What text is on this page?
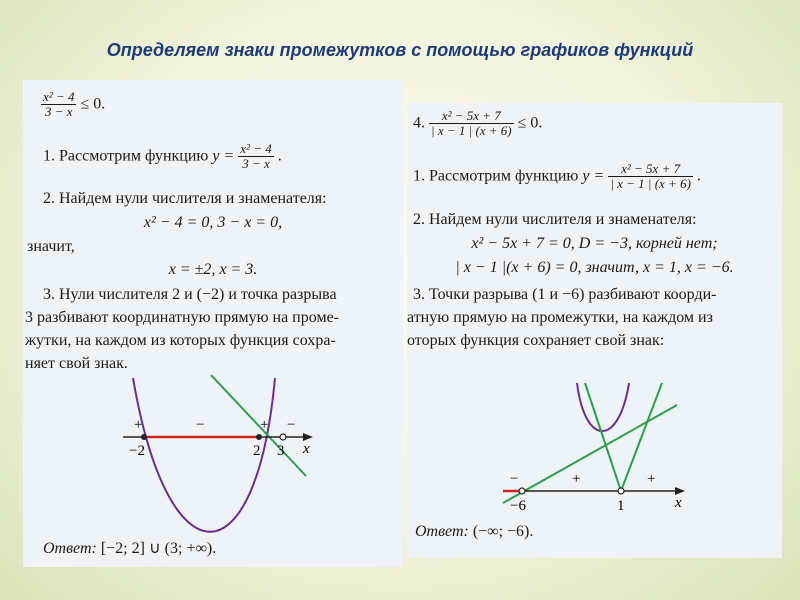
Определяем знаки промежутков с помощью графиков функций
$\frac{\text{x² − 4}}{3 - x} \le 0$.
1. Рассмотрим функцию $y = \frac{\text{x² − 4}}{3 - x}$ .
2. Найдем нули числителя и знаменателя:
x² − 4 = 0, 3 − x = 0,
значит,
x = ±2, x = 3.
3. Нули числителя 2 и (−2) и точка разрыва
3 разбивают координатную прямую на проме-
жутки, на каждом из которых функция сохра-
няет свой знак.
+	−	+ −
−2	2 3 x
Ответ: [−2; 2] ∪ (3; +∞).
4. $\frac{\text{x² − 5x + 7}}{| x - 1 | (x + 6)} \le 0$.
1. Рассмотрим функцию $y = \frac{\text{x² − 5x + 7}}{| x - 1 | (x + 6)}$ .
2. Найдем нули числителя и знаменателя:
x² − 5x + 7 = 0, D = −3, корней нет;
| x − 1 |(x + 6) = 0, значит, x = 1, x = −6.
3. Точки разрыва (1 и −6) разбивают коорди-
атную прямую на промежутки, на каждом из
оторых функция сохраняет свой знак:
−	+	+
−6	1	x
Ответ: (−∞; −6).
